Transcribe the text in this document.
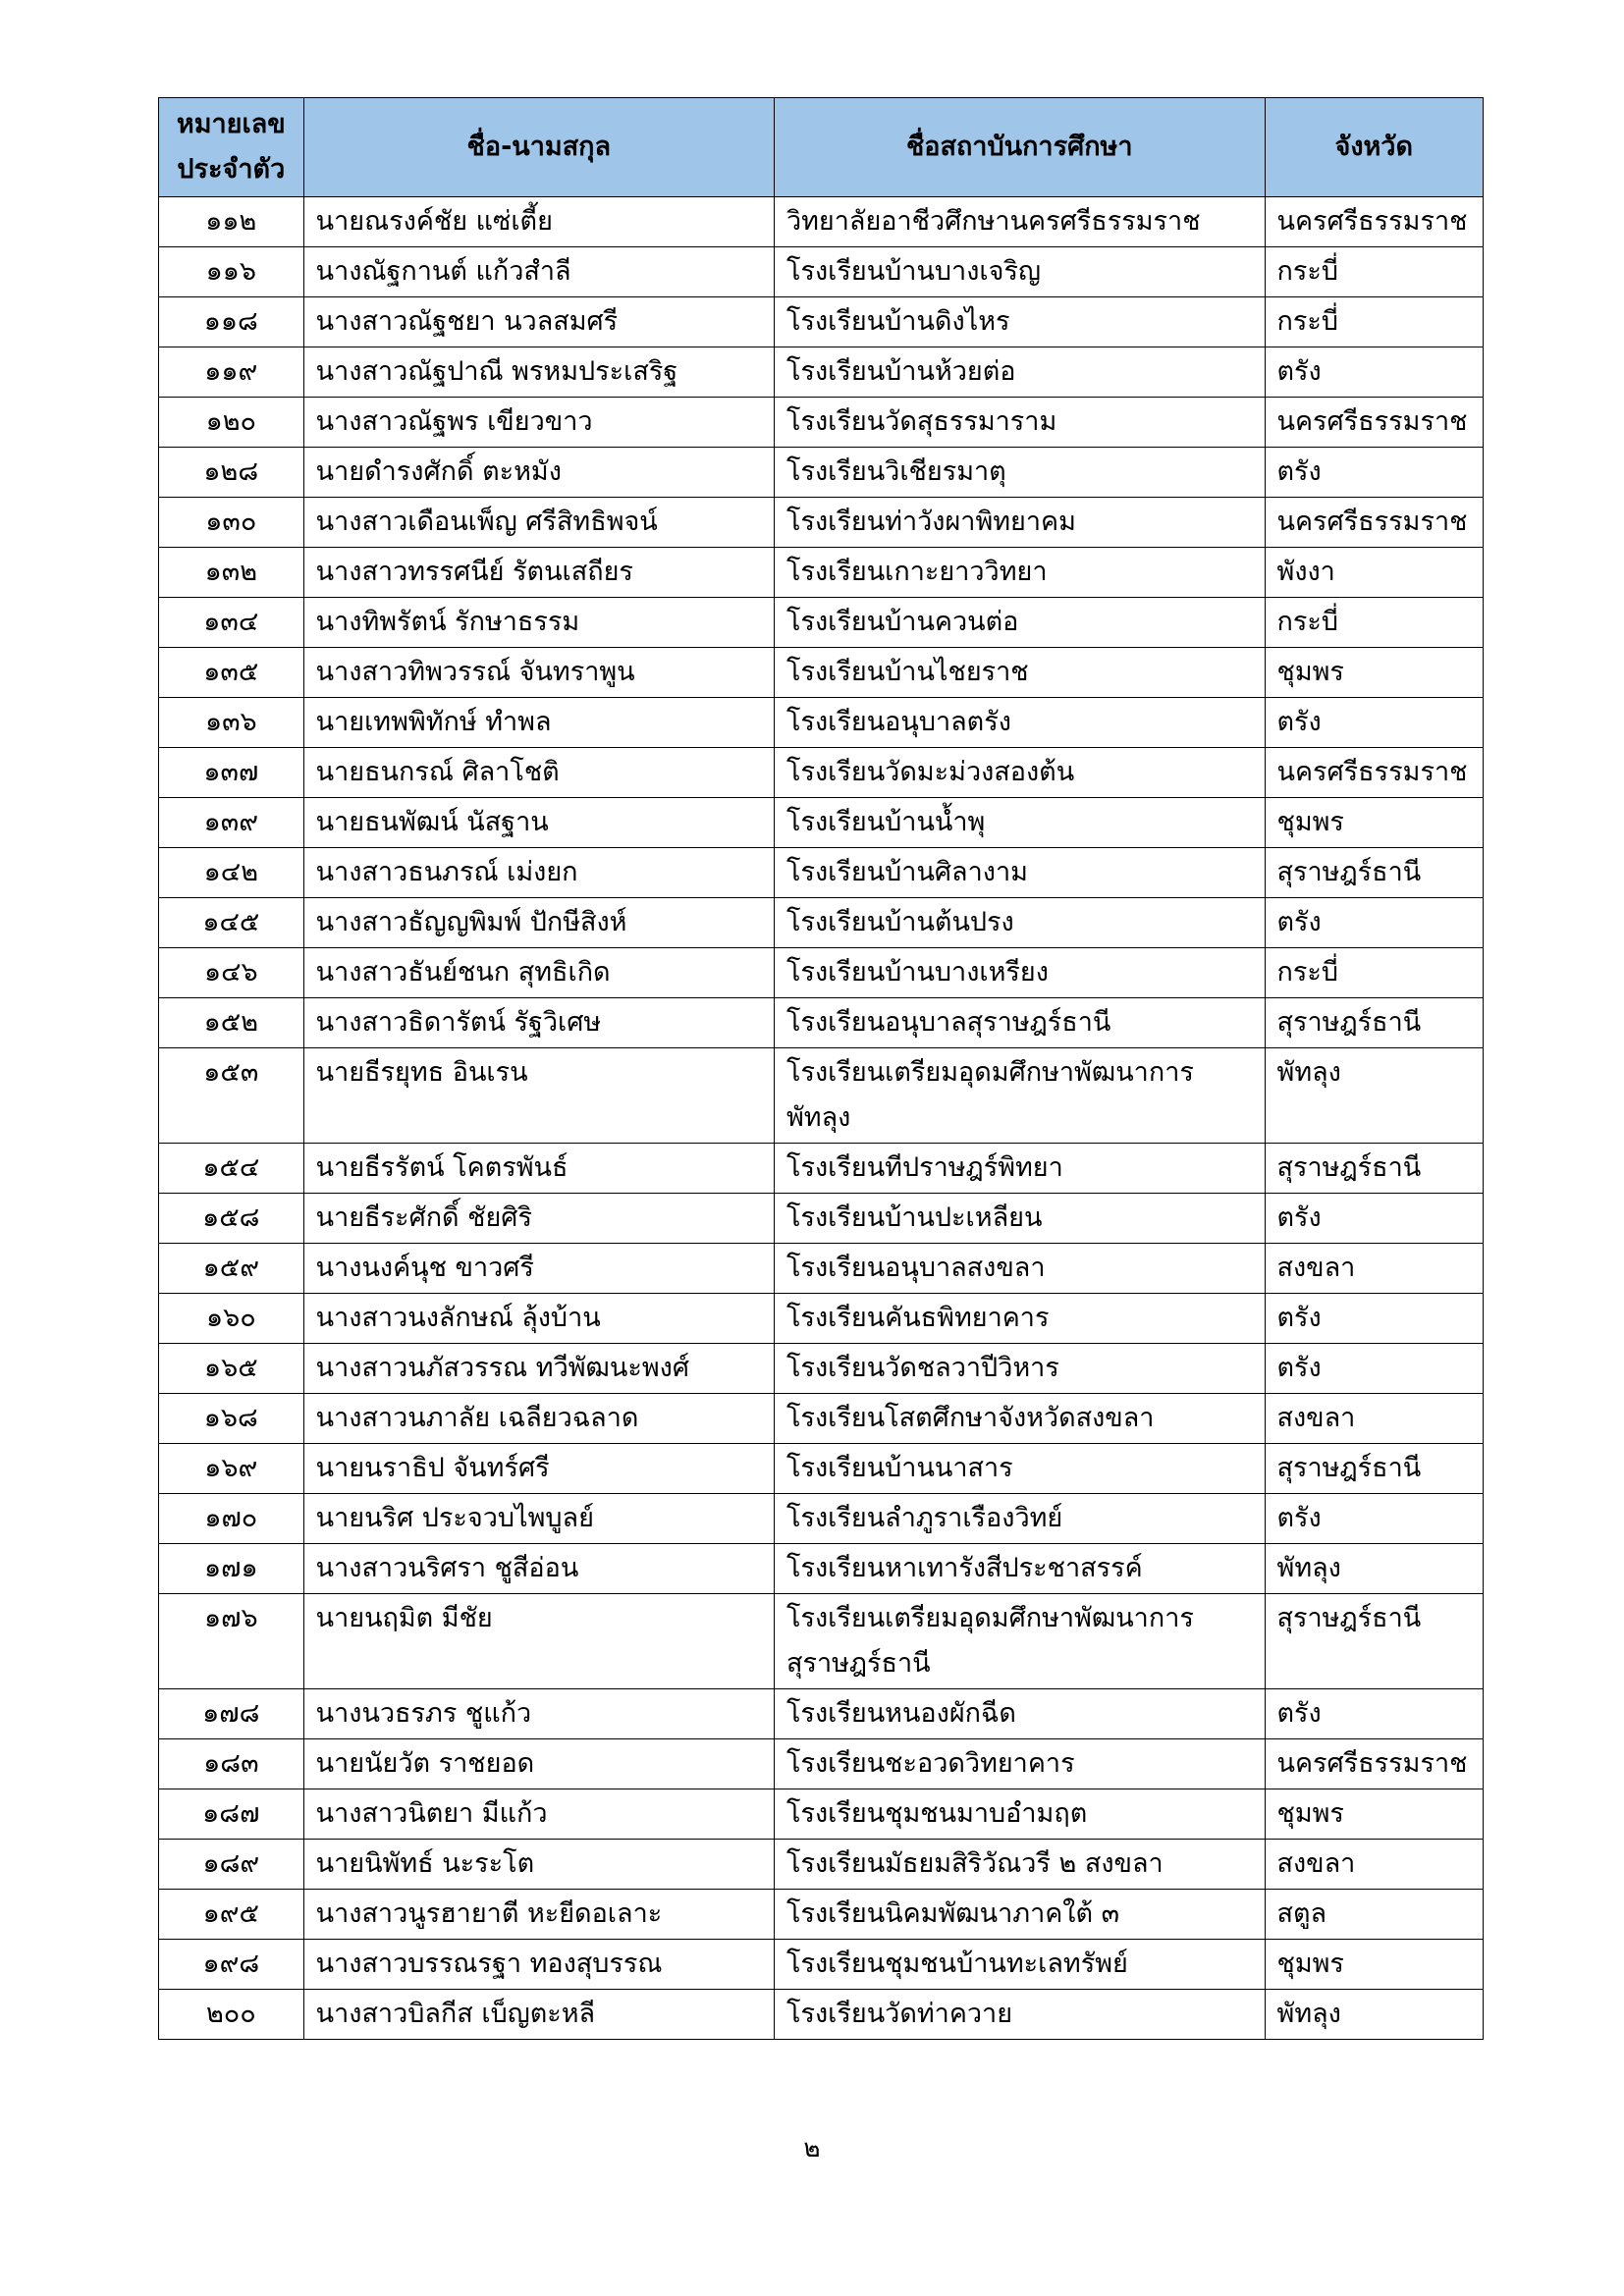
หมายเลขประจำตัว	ชื่อ-นามสกุล	ชื่อสถาบันการศึกษา	จังหวัด
๑๑๒	นายณรงค์ชัย แซ่เตี้ย	วิทยาลัยอาชีวศึกษานครศรีธรรมราช	นครศรีธรรมราช
๑๑๖	นางณัฐกานต์ แก้วสำลี	โรงเรียนบ้านบางเจริญ	กระบี่
๑๑๘	นางสาวณัฐชยา นวลสมศรี	โรงเรียนบ้านดิงไหร	กระบี่
๑๑๙	นางสาวณัฐปาณี พรหมประเสริฐ	โรงเรียนบ้านห้วยต่อ	ตรัง
๑๒๐	นางสาวณัฐพร เขียวขาว	โรงเรียนวัดสุธรรมาราม	นครศรีธรรมราช
๑๒๘	นายดำรงศักดิ์ ตะหมัง	โรงเรียนวิเชียรมาตุ	ตรัง
๑๓๐	นางสาวเดือนเพ็ญ ศรีสิทธิพจน์	โรงเรียนท่าวังผาพิทยาคม	นครศรีธรรมราช
๑๓๒	นางสาวทรรศนีย์ รัตนเสถียร	โรงเรียนเกาะยาววิทยา	พังงา
๑๓๔	นางทิพรัตน์ รักษาธรรม	โรงเรียนบ้านควนต่อ	กระบี่
๑๓๕	นางสาวทิพวรรณ์ จันทราพูน	โรงเรียนบ้านไชยราช	ชุมพร
๑๓๖	นายเทพพิทักษ์ ทำพล	โรงเรียนอนุบาลตรัง	ตรัง
๑๓๗	นายธนกรณ์ ศิลาโชติ	โรงเรียนวัดมะม่วงสองต้น	นครศรีธรรมราช
๑๓๙	นายธนพัฒน์ นัสฐาน	โรงเรียนบ้านน้ำพุ	ชุมพร
๑๔๒	นางสาวธนภรณ์ เม่งยก	โรงเรียนบ้านศิลางาม	สุราษฎร์ธานี
๑๔๕	นางสาวธัญญพิมพ์ ปักษีสิงห์	โรงเรียนบ้านต้นปรง	ตรัง
๑๔๖	นางสาวธันย์ชนก สุทธิเกิด	โรงเรียนบ้านบางเหรียง	กระบี่
๑๕๒	นางสาวธิดารัตน์ รัฐวิเศษ	โรงเรียนอนุบาลสุราษฎร์ธานี	สุราษฎร์ธานี
๑๕๓	นายธีรยุทธ อินเรน	โรงเรียนเตรียมอุดมศึกษาพัฒนาการ พัทลุง	พัทลุง
๑๕๔	นายธีรรัตน์ โคตรพันธ์	โรงเรียนทีปราษฎร์พิทยา	สุราษฎร์ธานี
๑๕๘	นายธีระศักดิ์ ชัยศิริ	โรงเรียนบ้านปะเหลียน	ตรัง
๑๕๙	นางนงค์นุช ขาวศรี	โรงเรียนอนุบาลสงขลา	สงขลา
๑๖๐	นางสาวนงลักษณ์ ลุ้งบ้าน	โรงเรียนคันธพิทยาคาร	ตรัง
๑๖๕	นางสาวนภัสวรรณ ทวีพัฒนะพงศ์	โรงเรียนวัดชลวาปีวิหาร	ตรัง
๑๖๘	นางสาวนภาลัย เฉลียวฉลาด	โรงเรียนโสตศึกษาจังหวัดสงขลา	สงขลา
๑๖๙	นายนราธิป จันทร์ศรี	โรงเรียนบ้านนาสาร	สุราษฎร์ธานี
๑๗๐	นายนริศ ประจวบไพบูลย์	โรงเรียนลำภูราเรืองวิทย์	ตรัง
๑๗๑	นางสาวนริศรา ชูสีอ่อน	โรงเรียนหาเทารังสีประชาสรรค์	พัทลุง
๑๗๖	นายนฤมิต มีชัย	โรงเรียนเตรียมอุดมศึกษาพัฒนาการ สุราษฎร์ธานี	สุราษฎร์ธานี
๑๗๘	นางนวธรภร ชูแก้ว	โรงเรียนหนองผักฉีด	ตรัง
๑๘๓	นายนัยวัต ราชยอด	โรงเรียนชะอวดวิทยาคาร	นครศรีธรรมราช
๑๘๗	นางสาวนิตยา มีแก้ว	โรงเรียนชุมชนมาบอำมฤต	ชุมพร
๑๘๙	นายนิพัทธ์ นะระโต	โรงเรียนมัธยมสิริวัณวรี ๒ สงขลา	สงขลา
๑๙๕	นางสาวนูรฮายาตี หะยีดอเลาะ	โรงเรียนนิคมพัฒนาภาคใต้ ๓	สตูล
๑๙๘	นางสาวบรรณรฐา ทองสุบรรณ	โรงเรียนชุมชนบ้านทะเลทรัพย์	ชุมพร
๒๐๐	นางสาวบิลกีส เบ็ญตะหลี	โรงเรียนวัดท่าควาย	พัทลุง
๒
